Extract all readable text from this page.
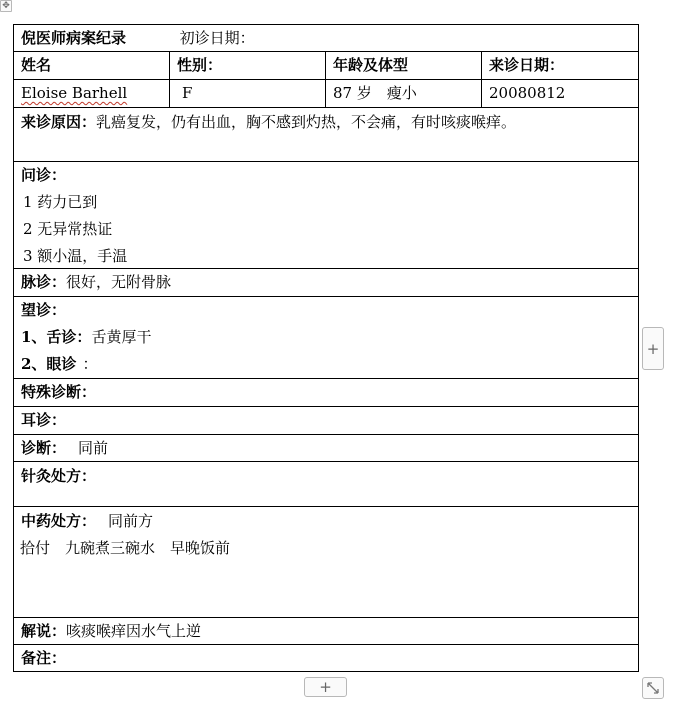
✥
倪医师病案纪录	初诊日期：
姓名	性别：	年龄及体型	来诊日期：
Eloise Barhell	F	87 岁　瘦小	20080812
来诊原因：乳癌复发，仍有出血，胸不感到灼热，不会痛，有时咳痰喉痒。
问诊：
1 药力已到
2 无异常热证
3 额小温，手温
脉诊：很好，无附骨脉
望诊：
1、舌诊：舌黄厚干
2、眼诊 ：
特殊诊断：
耳诊：
诊断： 同前
针灸处方：
中药处方： 同前方
拾付　九碗煮三碗水　早晚饭前
解说：咳痰喉痒因水气上逆
备注：
+
+
